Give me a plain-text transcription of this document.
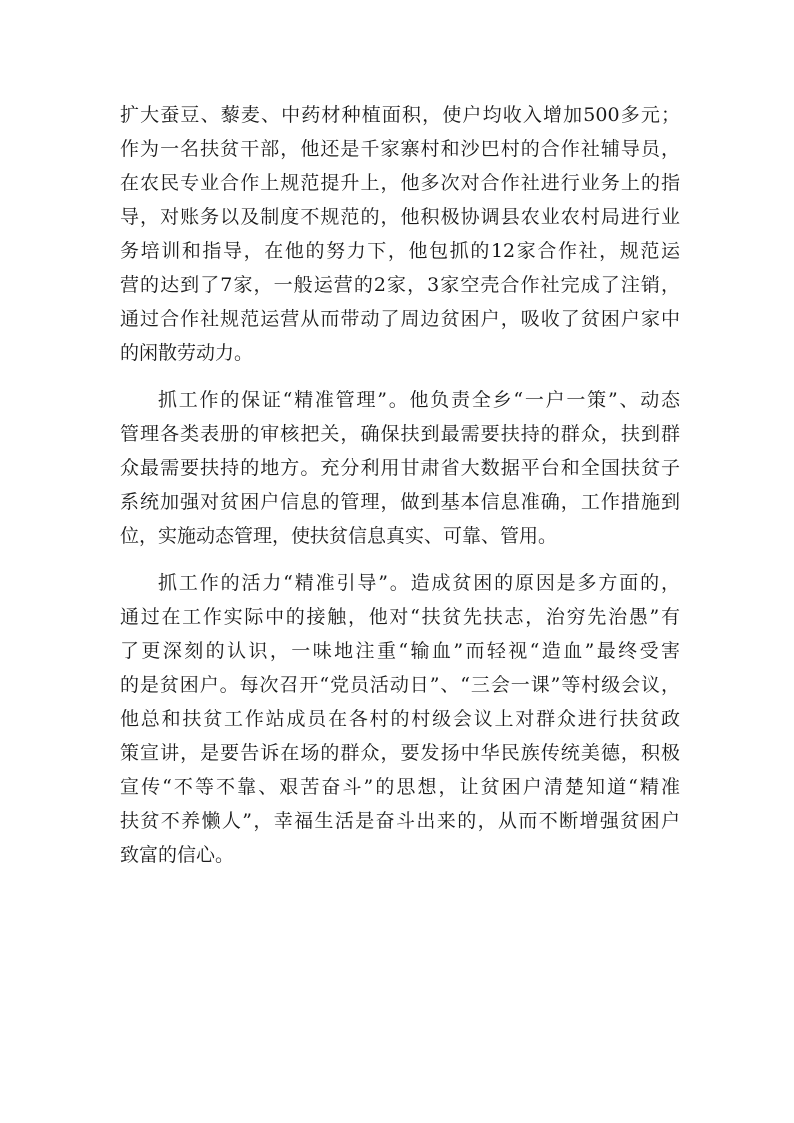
扩大蚕豆、藜麦、中药材种植面积，使户均收入增加500多元；
作为一名扶贫干部，他还是千家寨村和沙巴村的合作社辅导员，
在农民专业合作上规范提升上，他多次对合作社进行业务上的指
导，对账务以及制度不规范的，他积极协调县农业农村局进行业
务培训和指导，在他的努力下，他包抓的12家合作社，规范运
营的达到了7家，一般运营的2家，3家空壳合作社完成了注销，
通过合作社规范运营从而带动了周边贫困户，吸收了贫困户家中
的闲散劳动力。

抓工作的保证“精准管理”。他负责全乡“一户一策”、动态
管理各类表册的审核把关，确保扶到最需要扶持的群众，扶到群
众最需要扶持的地方。充分利用甘肃省大数据平台和全国扶贫子
系统加强对贫困户信息的管理，做到基本信息准确，工作措施到
位，实施动态管理，使扶贫信息真实、可靠、管用。

抓工作的活力“精准引导”。造成贫困的原因是多方面的，
通过在工作实际中的接触，他对“扶贫先扶志，治穷先治愚”有
了更深刻的认识，一味地注重“输血”而轻视“造血”最终受害
的是贫困户。每次召开“党员活动日”、“三会一课”等村级会议，
他总和扶贫工作站成员在各村的村级会议上对群众进行扶贫政
策宣讲，是要告诉在场的群众，要发扬中华民族传统美德，积极
宣传“不等不靠、艰苦奋斗”的思想，让贫困户清楚知道“精准
扶贫不养懒人”，幸福生活是奋斗出来的，从而不断增强贫困户
致富的信心。
